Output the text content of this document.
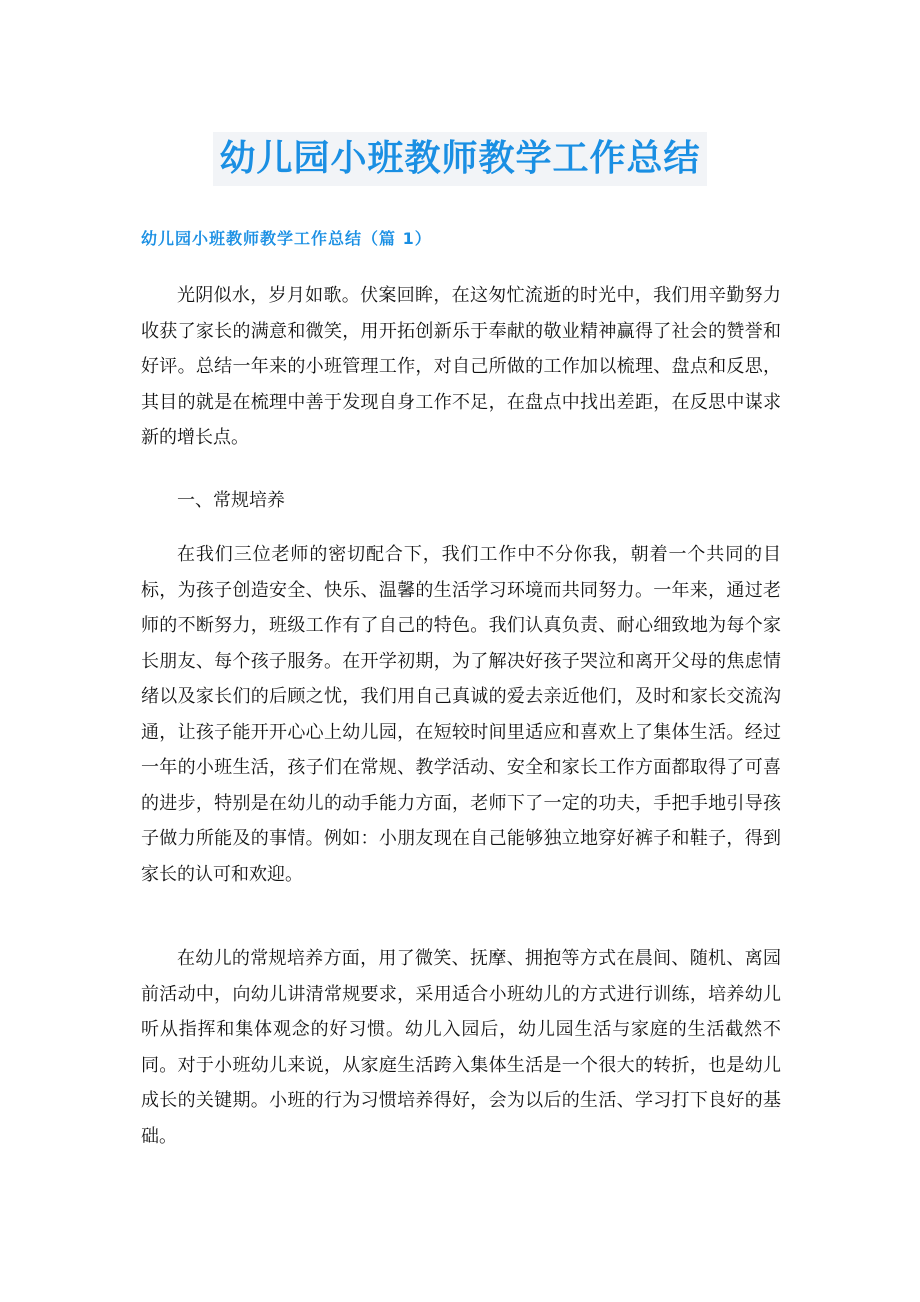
幼儿园小班教师教学工作总结
幼儿园小班教师教学工作总结（篇 1）

光阴似水，岁月如歌。伏案回眸，在这匆忙流逝的时光中，我们用辛勤努力收获了家长的满意和微笑，用开拓创新乐于奉献的敬业精神赢得了社会的赞誉和好评。总结一年来的小班管理工作，对自己所做的工作加以梳理、盘点和反思，其目的就是在梳理中善于发现自身工作不足，在盘点中找出差距，在反思中谋求新的增长点。

一、常规培养

在我们三位老师的密切配合下，我们工作中不分你我，朝着一个共同的目标，为孩子创造安全、快乐、温馨的生活学习环境而共同努力。一年来，通过老师的不断努力，班级工作有了自己的特色。我们认真负责、耐心细致地为每个家长朋友、每个孩子服务。在开学初期，为了解决好孩子哭泣和离开父母的焦虑情绪以及家长们的后顾之忧，我们用自己真诚的爱去亲近他们，及时和家长交流沟通，让孩子能开开心心上幼儿园，在短较时间里适应和喜欢上了集体生活。经过一年的小班生活，孩子们在常规、教学活动、安全和家长工作方面都取得了可喜的进步，特别是在幼儿的动手能力方面，老师下了一定的功夫，手把手地引导孩子做力所能及的事情。例如：小朋友现在自己能够独立地穿好裤子和鞋子，得到家长的认可和欢迎。

在幼儿的常规培养方面，用了微笑、抚摩、拥抱等方式在晨间、随机、离园前活动中，向幼儿讲清常规要求，采用适合小班幼儿的方式进行训练，培养幼儿听从指挥和集体观念的好习惯。幼儿入园后，幼儿园生活与家庭的生活截然不同。对于小班幼儿来说，从家庭生活跨入集体生活是一个很大的转折，也是幼儿成长的关键期。小班的行为习惯培养得好，会为以后的生活、学习打下良好的基础。
